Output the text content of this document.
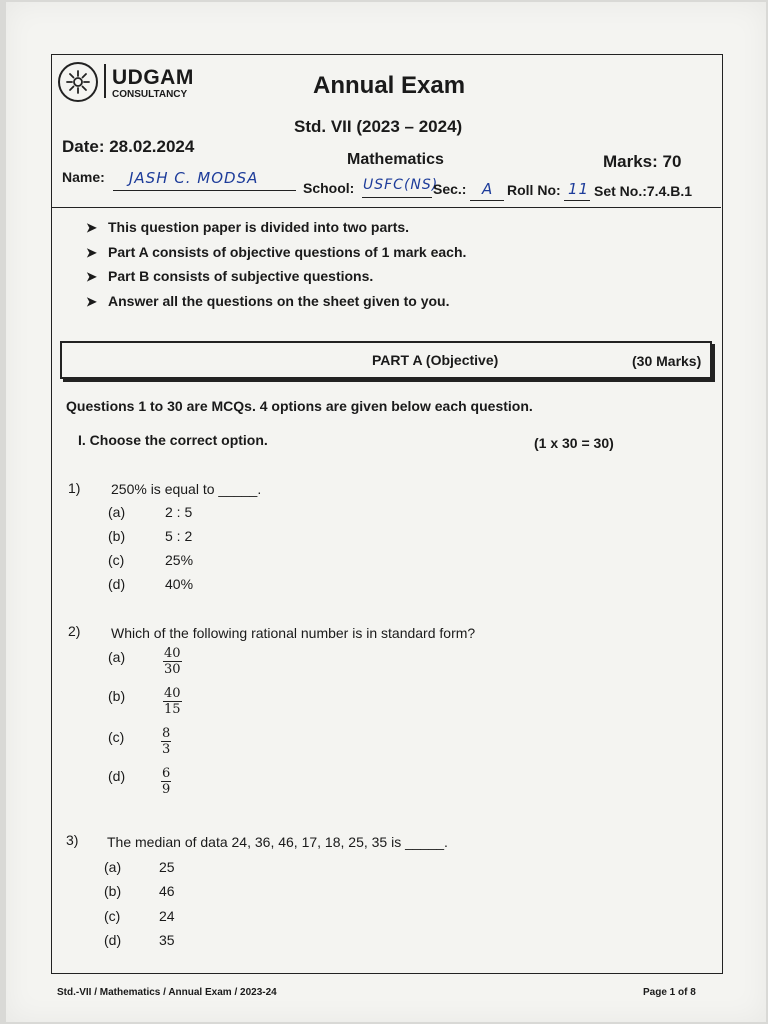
UDGAM
CONSULTANCY	Annual Exam
Std. VII (2023 – 2024)
Date: 28.02.2024
Mathematics	Marks: 70
Name: JASH C. MODSA
School: USFC(NS)
Sec.: A Roll No: 11 Set No.:7.4.B.1
➤ This question paper is divided into two parts.
➤ Part A consists of objective questions of 1 mark each.
➤ Part B consists of subjective questions.
➤ Answer all the questions on the sheet given to you.
PART A (Objective)	(30 Marks)
Questions 1 to 30 are MCQs. 4 options are given below each question.
I. Choose the correct option.	(1 x 30 = 30)
1) 250% is equal to _____.
(a)	2 : 5
(b)	5 : 2
(c)	25%
(d)	40%
2) Which of the following rational number is in standard form?
(a)	$\frac{40}{30}$
(b)	$\frac{40}{15}$
(c)	$\frac{8}{3}$
(d)	$\frac{6}{9}$
3) The median of data 24, 36, 46, 17, 18, 25, 35 is _____.
(a)	25
(b)	46
(c)	24
(d)	35
Std.-VII / Mathematics / Annual Exam / 2023-24	Page 1 of 8
